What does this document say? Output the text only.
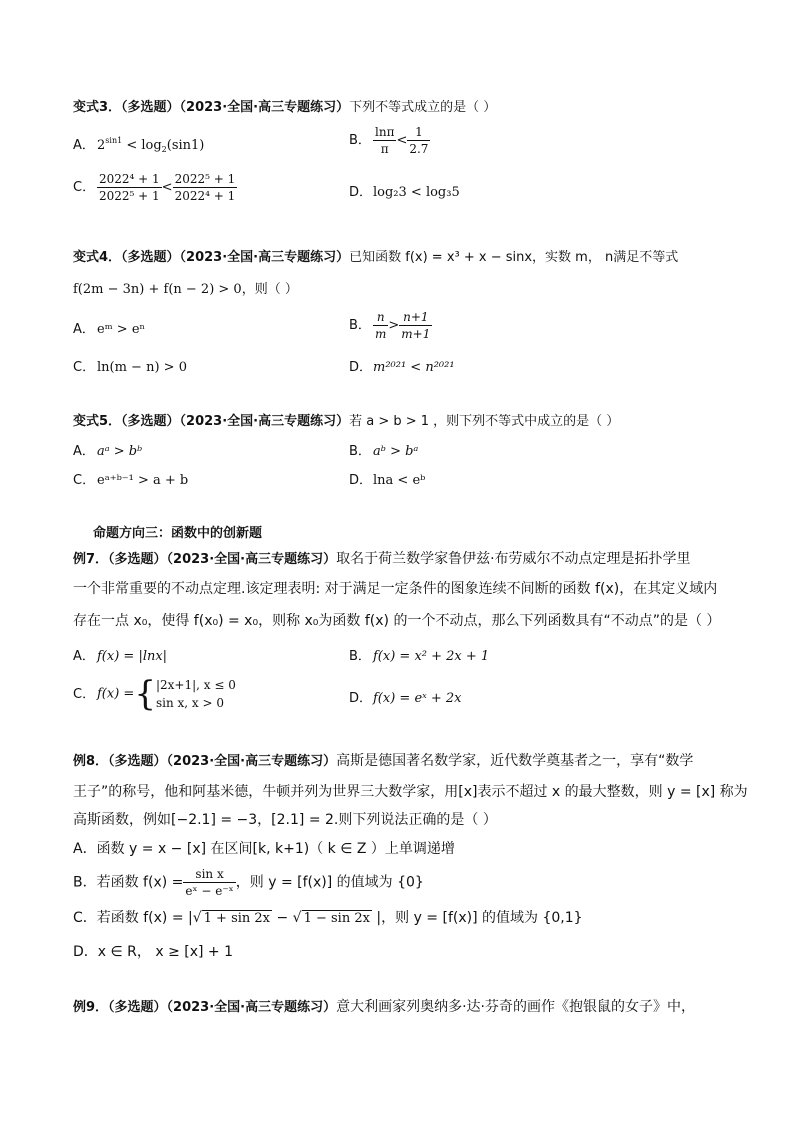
变式3．（多选题）（2023·全国·高三专题练习）下列不等式成立的是（ ）
A． $2^{sin1} < \log_2(\sin 1)$	B． $\frac{\ln\pi}{\pi} < \frac{1}{2.7}$
C． $\frac{\text{2022⁴ + 1}}{\text{2022⁵ + 1}} < \frac{\text{2022⁵ + 1}}{\text{2022⁴ + 1}}$	D．log₂3 < log₃5
变式4．（多选题）（2023·全国·高三专题练习）已知函数 f(x) = x³ + x − sinx，实数 m， n满足不等式
f(2m − 3n) + f(n − 2) > 0，则（ ）
A． eᵐ > eⁿ	B． $\frac{n}{m} > \frac{n+1}{m+1}$
C． ln(m − n) > 0	D．m²⁰²¹ < n²⁰²¹
变式5．（多选题）（2023·全国·高三专题练习）若 a > b > 1 ，则下列不等式中成立的是（ ）
A． aᵃ > bᵇ	B． aᵇ > bᵃ
C． eᵃ⁺ᵇ⁻¹ > a + b	D．lna < eᵇ
命题方向三：函数中的创新题
例7．（多选题）（2023·全国·高三专题练习）取名于荷兰数学家鲁伊兹·布劳威尔不动点定理是拓扑学里
一个非常重要的不动点定理.该定理表明: 对于满足一定条件的图象连续不间断的函数 f(x)，在其定义域内
存在一点 x₀，使得 f(x₀) = x₀，则称 x₀为函数 f(x) 的一个不动点，那么下列函数具有“不动点”的是（ ）
A． f(x) = |lnx|	B． f(x) = x² + 2x + 1
C． f(x) ={ |2x+1|, x ≤ 0
sin x, x > 0	D．f(x) = eˣ + 2x
例8．（多选题）（2023·全国·高三专题练习）高斯是德国著名数学家，近代数学奠基者之一，享有“数学
王子”的称号，他和阿基米德，牛顿并列为世界三大数学家，用[x]表示不超过 x 的最大整数，则 y = [x] 称为
高斯函数，例如[−2.1] = −3，[2.1] = 2.则下列说法正确的是（ ）
A．函数 y = x − [x] 在区间[k, k+1)（ k ∈ Z ）上单调递增
B．若函数 $f(x) = \frac{\text{sin x}}{\text{eˣ − e⁻ˣ}}$ ，则 y = [f(x)] 的值域为 {0}
C．若函数 f(x) = |√ 1 + sin 2x − √ 1 − sin 2x |，则 y = [f(x)] 的值域为 {0,1}
D．x ∈ R， x ≥ [x] + 1
例9．（多选题）（2023·全国·高三专题练习）意大利画家列奥纳多·达·芬奇的画作《抱银鼠的女子》中，
